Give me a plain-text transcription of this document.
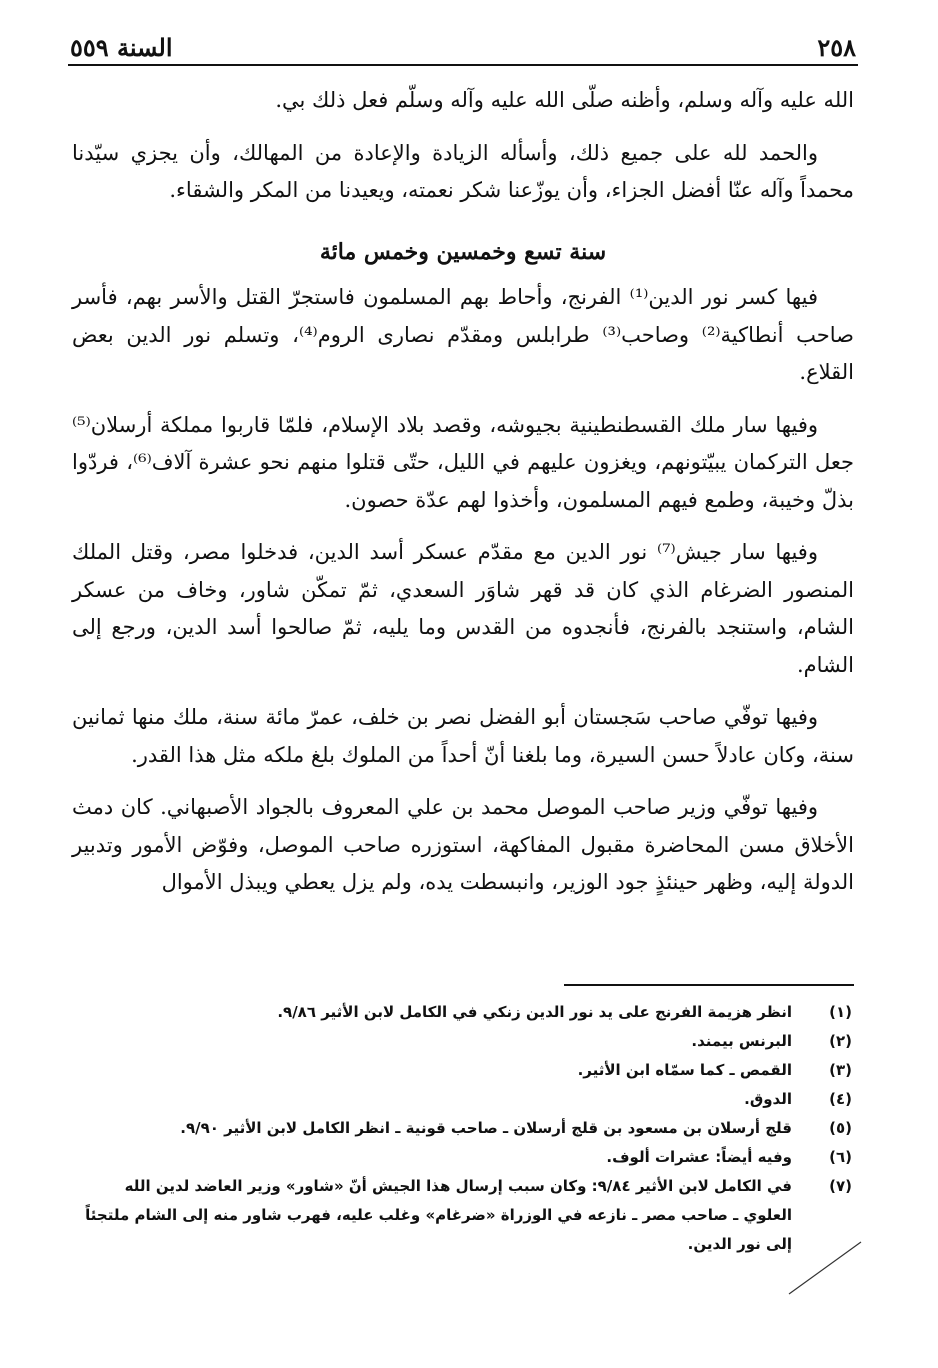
٢٥٨
السنة ٥٥٩

الله عليه وآله وسلم، وأظنه صلّى الله عليه وآله وسلّم فعل ذلك بي.

والحمد لله على جميع ذلك، وأسأله الزيادة والإعادة من المهالك، وأن يجزي سيّدنا محمداً وآله عنّا أفضل الجزاء، وأن يوزّعنا شكر نعمته، ويعيدنا من المكر والشقاء.

سنة تسع وخمسين وخمس مائة

فيها كسر نور الدين⁽¹⁾ الفرنج، وأحاط بهم المسلمون فاستجرّ القتل والأسر بهم، فأسر صاحب أنطاكية⁽²⁾ وصاحب⁽³⁾ طرابلس ومقدّم نصارى الروم⁽⁴⁾، وتسلم نور الدين بعض القلاع.

وفيها سار ملك القسطنطينية بجيوشه، وقصد بلاد الإسلام، فلمّا قاربوا مملكة أرسلان⁽⁵⁾ جعل التركمان يبيّتونهم، ويغزون عليهم في الليل، حتّى قتلوا منهم نحو عشرة آلاف⁽⁶⁾، فردّوا بذلّ وخيبة، وطمع فيهم المسلمون، وأخذوا لهم عدّة حصون.

وفيها سار جيش⁽⁷⁾ نور الدين مع مقدّم عسكر أسد الدين، فدخلوا مصر، وقتل الملك المنصور الضرغام الذي كان قد قهر شاوَر السعدي، ثمّ تمكّن شاور، وخاف من عسكر الشام، واستنجد بالفرنج، فأنجدوه من القدس وما يليه، ثمّ صالحوا أسد الدين، ورجع إلى الشام.

وفيها توفّي صاحب سَجستان أبو الفضل نصر بن خلف، عمرّ مائة سنة، ملك منها ثمانين سنة، وكان عادلاً حسن السيرة، وما بلغنا أنّ أحداً من الملوك بلغ ملكه مثل هذا القدر.

وفيها توفّي وزير صاحب الموصل محمد بن علي المعروف بالجواد الأصبهاني. كان دمث الأخلاق مسن المحاضرة مقبول المفاكهة، استوزره صاحب الموصل، وفوّض الأمور وتدبير الدولة إليه، وظهر حينئذٍ جود الوزير، وانبسطت يده، ولم يزل يعطي ويبذل الأموال

(١)
انظر هزيمة الفرنج على يد نور الدين زنكي في الكامل لابن الأثير ٩/٨٦.
(٢)
البرنس بيمند.
(٣)
القمص ـ كما سمّاه ابن الأثير.
(٤)
الدوق.
(٥)
قلج أرسلان بن مسعود بن قلج أرسلان ـ صاحب قونية ـ انظر الكامل لابن الأثير ٩/٩٠.
(٦)
وفيه أيضاً: عشرات ألوف.
(٧)
في الكامل لابن الأثير ٩/٨٤: وكان سبب إرسال هذا الجيش أنّ «شاور» وزير العاضد لدين الله العلوي ـ صاحب مصر ـ نازعه في الوزراة «ضرغام» وغلب عليه، فهرب شاور منه إلى الشام ملتجئاً إلى نور الدين.
